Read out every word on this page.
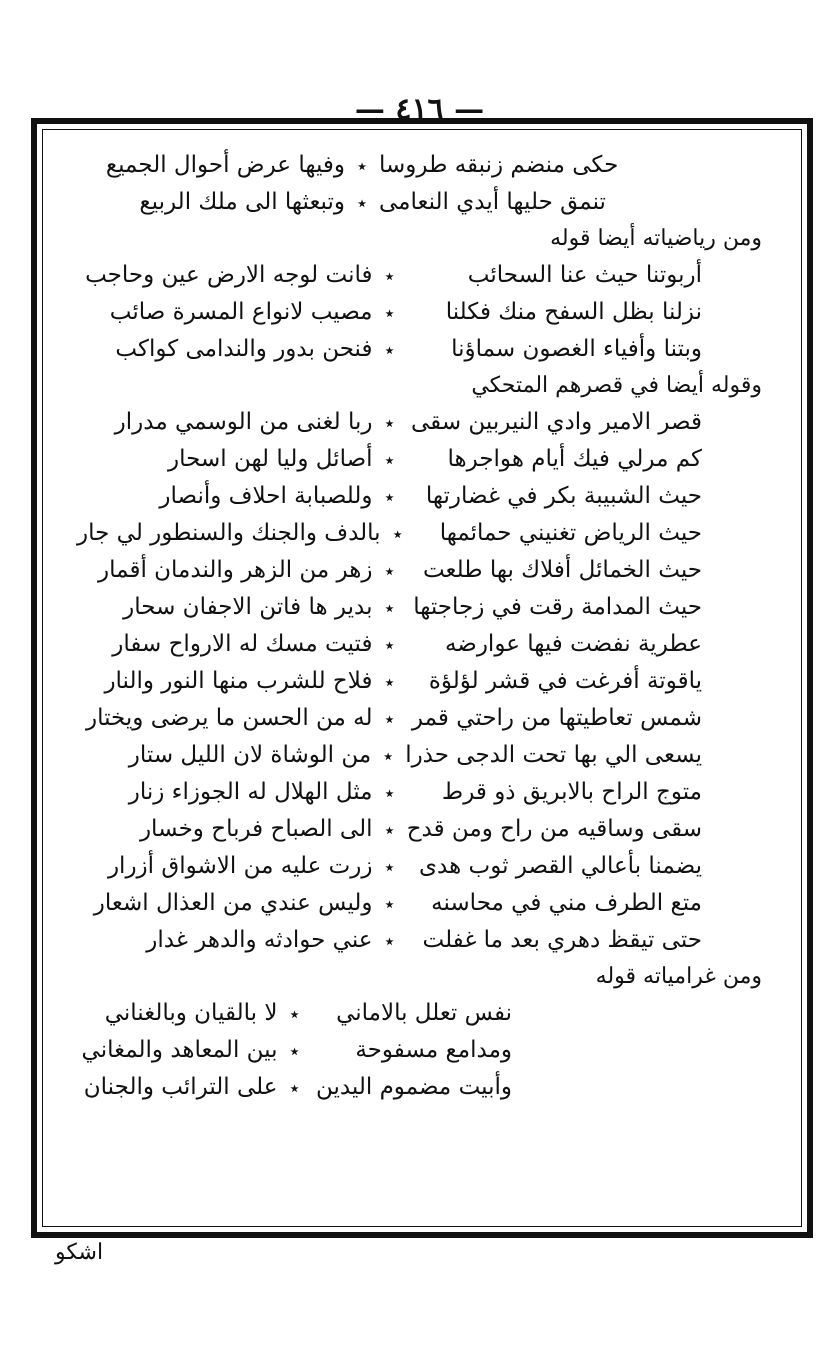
— ٤١٦ —
حكى منضم زنبقه طروسا
٭
وفيها عرض أحوال الجميع
تنمق حليها أيدي النعامى
٭
وتبعثها الى ملك الربيع
ومن رياضياته أيضا قوله
أربوتنا حيث عنا السحائب
٭
فانت لوجه الارض عين وحاجب
نزلنا بظل السفح منك فكلنا
٭
مصيب لانواع المسرة صائب
وبتنا وأفياء الغصون سماؤنا
٭
فنحن بدور والندامى كواكب
وقوله أيضا في قصرهم المتحكي
قصر الامير وادي النيربين سقى
٭
ربا لغنى من الوسمي مدرار
كم مرلي فيك أيام هواجرها
٭
أصائل وليا لهن اسحار
حيث الشبيبة بكر في غضارتها
٭
وللصبابة احلاف وأنصار
حيث الرياض تغنيني حمائمها
٭
بالدف والجنك والسنطور لي جار
حيث الخمائل أفلاك بها طلعت
٭
زهر من الزهر والندمان أقمار
حيث المدامة رقت في زجاجتها
٭
بدير ها فاتن الاجفان سحار
عطرية نفضت فيها عوارضه
٭
فتيت مسك له الارواح سفار
ياقوتة أفرغت في قشر لؤلؤة
٭
فلاح للشرب منها النور والنار
شمس تعاطيتها من راحتي قمر
٭
له من الحسن ما يرضى ويختار
يسعى الي بها تحت الدجى حذرا
٭
من الوشاة لان الليل ستار
متوج الراح بالابريق ذو قرط
٭
مثل الهلال له الجوزاء زنار
سقى وساقيه من راح ومن قدح
٭
الى الصباح فرباح وخسار
يضمنا بأعالي القصر ثوب هدى
٭
زرت عليه من الاشواق أزرار
متع الطرف مني في محاسنه
٭
وليس عندي من العذال اشعار
حتى تيقظ دهري بعد ما غفلت
٭
عني حوادثه والدهر غدار
ومن غرامياته قوله
نفس تعلل بالاماني
٭
لا بالقيان وبالغناني
ومدامع مسفوحة
٭
بين المعاهد والمغاني
وأبيت مضموم اليدين
٭
على الترائب والجنان
اشكو
